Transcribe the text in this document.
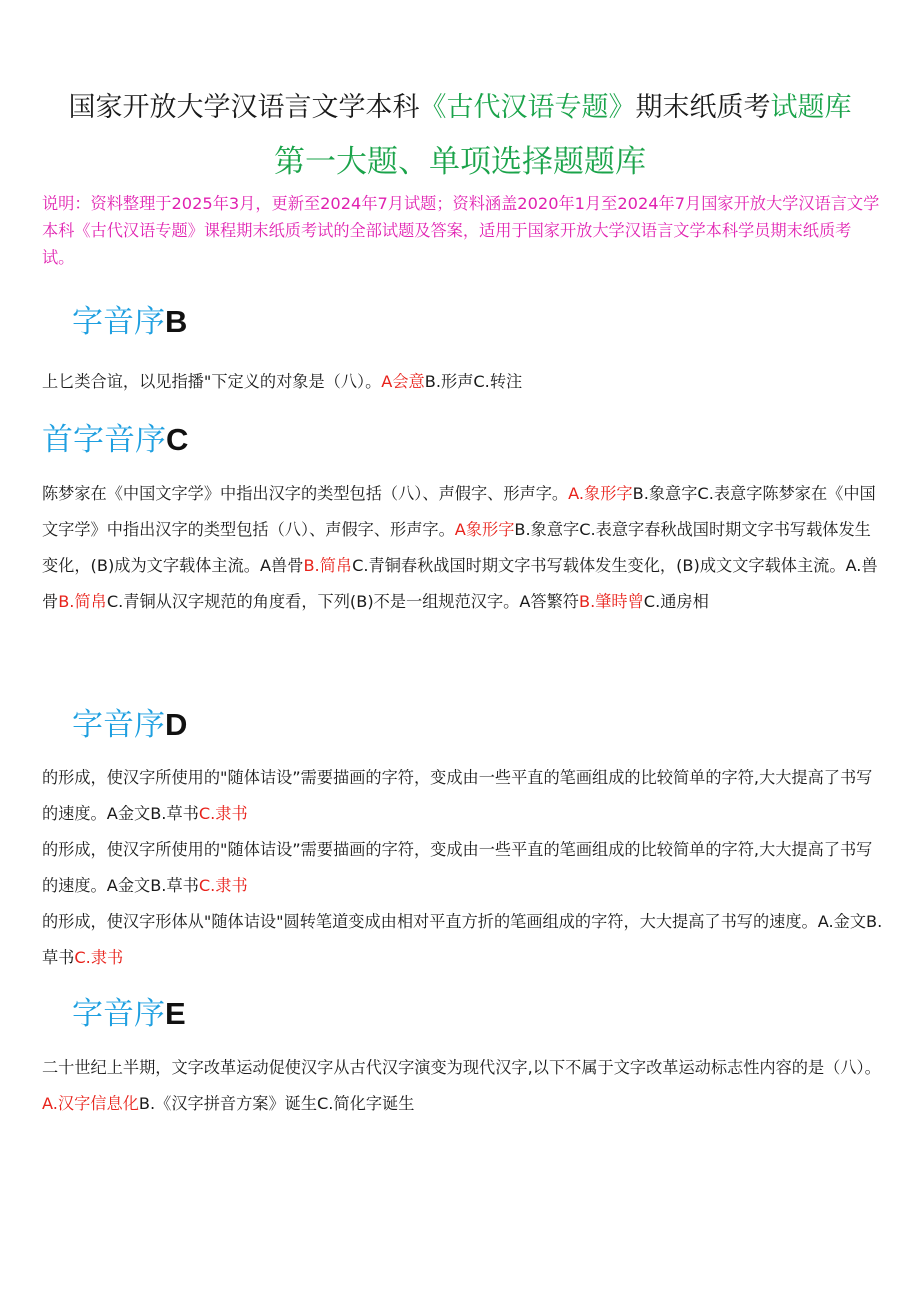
国家开放大学汉语言文学本科《古代汉语专题》期末纸质考试题库
第一大题、单项选择题题库
说明：资料整理于2025年3月，更新至2024年7月试题；资料涵盖2020年1月至2024年7月国家开放大学汉语言文学本科《古代汉语专题》课程期末纸质考试的全部试题及答案，适用于国家开放大学汉语言文学本科学员期末纸质考试。
字音序B
上匕类合谊，以见指播"下定义的对象是（八）。A会意B.形声C.转注
首字音序C
陈梦家在《中国文字学》中指出汉字的类型包括（八）、声假字、形声字。A.象形字B.象意字C.表意字陈梦家在《中国文字学》中指出汉字的类型包括（八）、声假字、形声字。A象形字B.象意字C.表意字春秋战国时期文字书写载体发生变化，(B)成为文字载体主流。A兽骨B.简帛C.青铜春秋战国时期文字书写载体发生变化，(B)成文文字载体主流。A.兽骨B.简帛C.青铜从汉字规范的角度看，下列(B)不是一组规范汉字。A答繁符B.肇時曾C.通房相
字音序D
的形成，使汉字所使用的"随体诘设”需要描画的字符，变成由一些平直的笔画组成的比较简单的字符,大大提高了书写的速度。A金文B.草书C.隶书
的形成，使汉字所使用的"随体诘设”需要描画的字符，变成由一些平直的笔画组成的比较简单的字符,大大提高了书写的速度。A金文B.草书C.隶书
的形成，使汉字形体从"随体诘设"圆转笔道变成由相对平直方折的笔画组成的字符，大大提高了书写的速度。A.金文B.草书C.隶书
字音序E
二十世纪上半期，文字改革运动促使汉字从古代汉字演变为现代汉字,以下不属于文字改革运动标志性内容的是（八）。A.汉字信息化B.《汉字拼音方案》诞生C.简化字诞生
